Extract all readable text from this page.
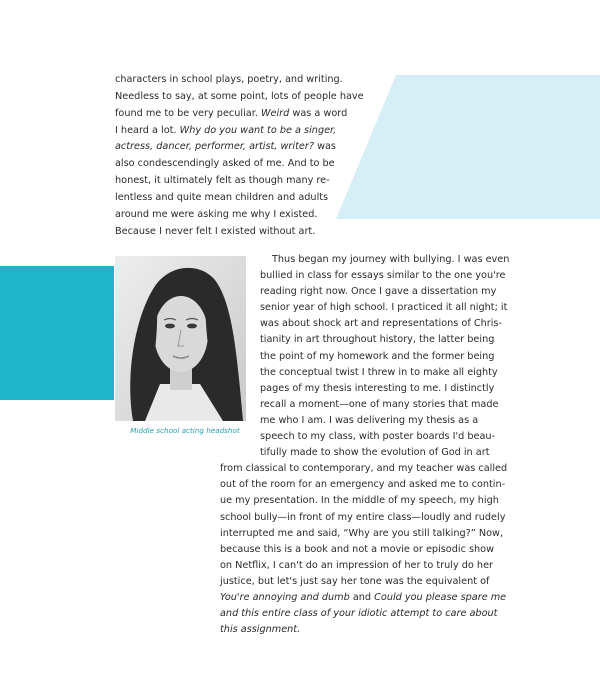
characters in school plays, poetry, and writing.
Needless to say, at some point, lots of people have
found me to be very peculiar. Weird was a word
I heard a lot. Why do you want to be a singer,
actress, dancer, performer, artist, writer? was
also condescendingly asked of me. And to be
honest, it ultimately felt as though many re-
lentless and quite mean children and adults
around me were asking me why I existed.
Because I never felt I existed without art.
Middle school acting headshot
Thus began my journey with bullying. I was even
bullied in class for essays similar to the one you're
reading right now. Once I gave a dissertation my
senior year of high school. I practiced it all night; it
was about shock art and representations of Chris-
tianity in art throughout history, the latter being
the point of my homework and the former being
the conceptual twist I threw in to make all eighty
pages of my thesis interesting to me. I distinctly
recall a moment—one of many stories that made
me who I am. I was delivering my thesis as a
speech to my class, with poster boards I'd beau-
tifully made to show the evolution of God in art
from classical to contemporary, and my teacher was called
out of the room for an emergency and asked me to contin-
ue my presentation. In the middle of my speech, my high
school bully—in front of my entire class—loudly and rudely
interrupted me and said, “Why are you still talking?” Now,
because this is a book and not a movie or episodic show
on Netflix, I can't do an impression of her to truly do her
justice, but let's just say her tone was the equivalent of
You're annoying and dumb and Could you please spare me
and this entire class of your idiotic attempt to care about
this assignment.
